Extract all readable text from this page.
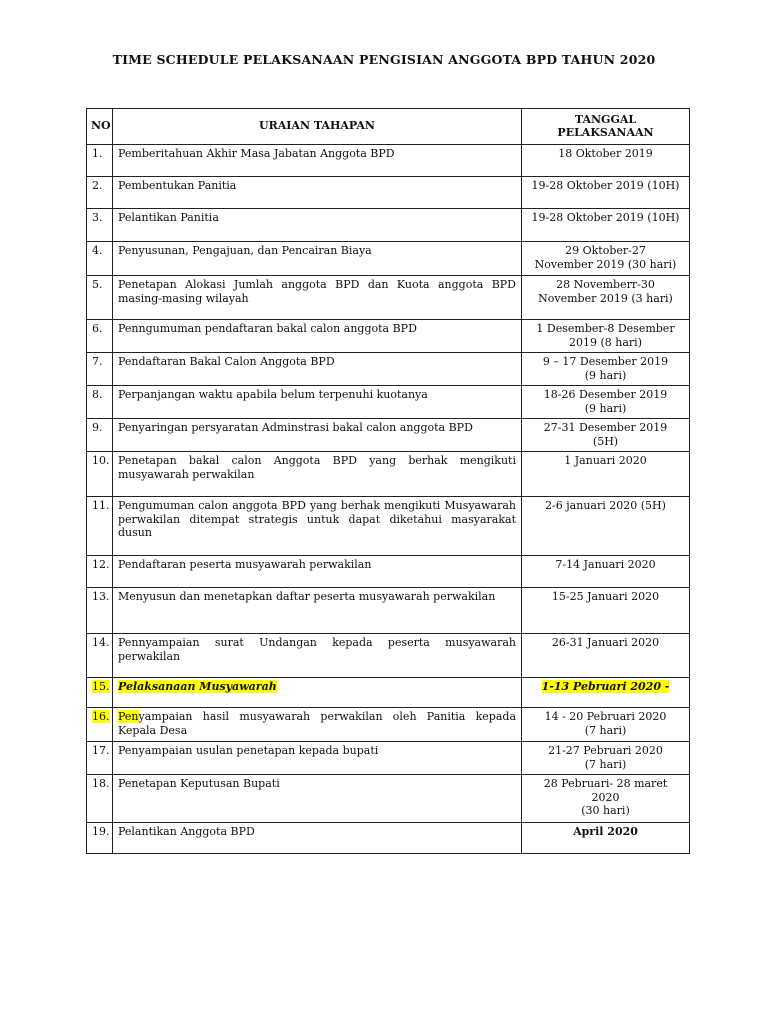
TIME SCHEDULE PELAKSANAAN PENGISIAN ANGGOTA BPD TAHUN 2020
NO	URAIAN TAHAPAN	TANGGAL
PELAKSANAAN

1.	Pemberitahuan Akhir Masa Jabatan Anggota BPD	18 Oktober 2019

2.	Pembentukan Panitia	19-28 Oktober 2019 (10H)

3.	Pelantikan Panitia	19-28 Oktober 2019 (10H)

4.	Penyusunan, Pengajuan, dan Pencairan Biaya	29 Oktober-27
November 2019 (30 hari)

5.	Penetapan Alokasi Jumlah anggota BPD dan Kuota anggota BPD masing-masing wilayah	28 Novemberr-30
November 2019 (3 hari)

6.	Penngumuman pendaftaran bakal calon anggota BPD	1 Desember-8 Desember
2019 (8 hari)

7.	Pendaftaran Bakal Calon Anggota BPD	9 – 17 Desember 2019
(9 hari)

8.	Perpanjangan waktu apabila belum terpenuhi kuotanya	18-26 Desember 2019
(9 hari)

9.	Penyaringan persyaratan Adminstrasi bakal calon anggota BPD	27-31 Desember 2019
(5H)

10.	Penetapan bakal calon Anggota BPD yang berhak mengikuti musyawarah perwakilan	1 Januari 2020

11.	Pengumuman calon anggota BPD yang berhak mengikuti Musyawarah perwakilan ditempat strategis untuk dapat diketahui masyarakat dusun	2-6 januari 2020 (5H)

12.	Pendaftaran peserta musyawarah perwakilan	7-14 Januari 2020

13.	Menyusun dan menetapkan daftar peserta musyawarah perwakilan	15-25 Januari 2020

14.	Pennyampaian surat Undangan kepada peserta musyawarah perwakilan	26-31 Januari 2020

15.	Pelaksanaan Musyawarah	1-13 Pebruari 2020 -
16.	Penyampaian hasil musyawarah perwakilan oleh Panitia kepada Kepala Desa	14 - 20 Pebruari 2020
(7 hari)

17.	Penyampaian usulan penetapan kepada bupati	21-27 Pebruari 2020
(7 hari)

18.	Penetapan Keputusan Bupati	28 Pebruari- 28 maret
2020
(30 hari)

19.	Pelantikan Anggota BPD	April 2020
